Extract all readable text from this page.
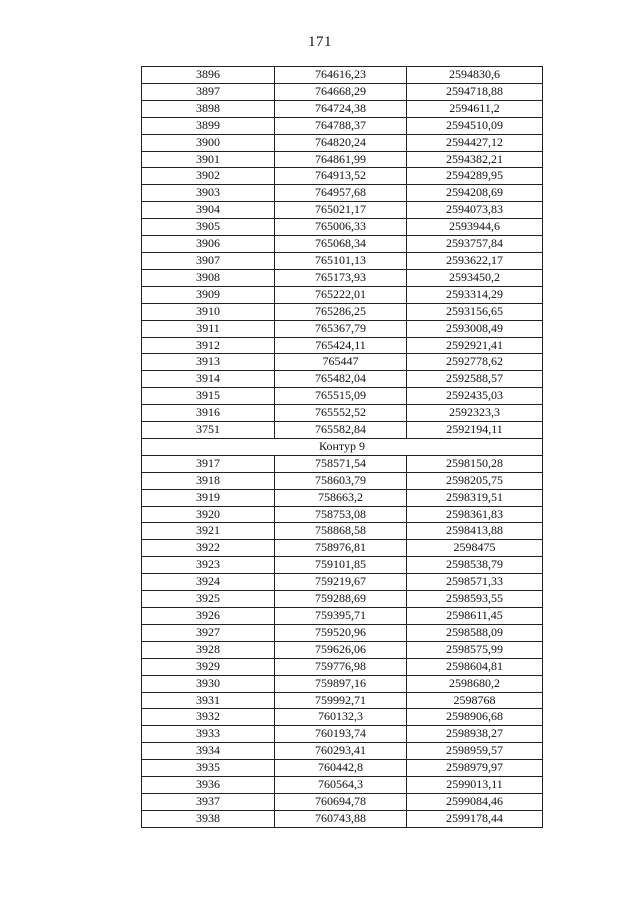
171
3896	764616,23	2594830,6
3897	764668,29	2594718,88
3898	764724,38	2594611,2
3899	764788,37	2594510,09
3900	764820,24	2594427,12
3901	764861,99	2594382,21
3902	764913,52	2594289,95
3903	764957,68	2594208,69
3904	765021,17	2594073,83
3905	765006,33	2593944,6
3906	765068,34	2593757,84
3907	765101,13	2593622,17
3908	765173,93	2593450,2
3909	765222,01	2593314,29
3910	765286,25	2593156,65
3911	765367,79	2593008,49
3912	765424,11	2592921,41
3913	765447	2592778,62
3914	765482,04	2592588,57
3915	765515,09	2592435,03
3916	765552,52	2592323,3
3751	765582,84	2592194,11
Контур 9		
3917	758571,54	2598150,28
3918	758603,79	2598205,75
3919	758663,2	2598319,51
3920	758753,08	2598361,83
3921	758868,58	2598413,88
3922	758976,81	2598475
3923	759101,85	2598538,79
3924	759219,67	2598571,33
3925	759288,69	2598593,55
3926	759395,71	2598611,45
3927	759520,96	2598588,09
3928	759626,06	2598575,99
3929	759776,98	2598604,81
3930	759897,16	2598680,2
3931	759992,71	2598768
3932	760132,3	2598906,68
3933	760193,74	2598938,27
3934	760293,41	2598959,57
3935	760442,8	2598979,97
3936	760564,3	2599013,11
3937	760694,78	2599084,46
3938	760743,88	2599178,44
